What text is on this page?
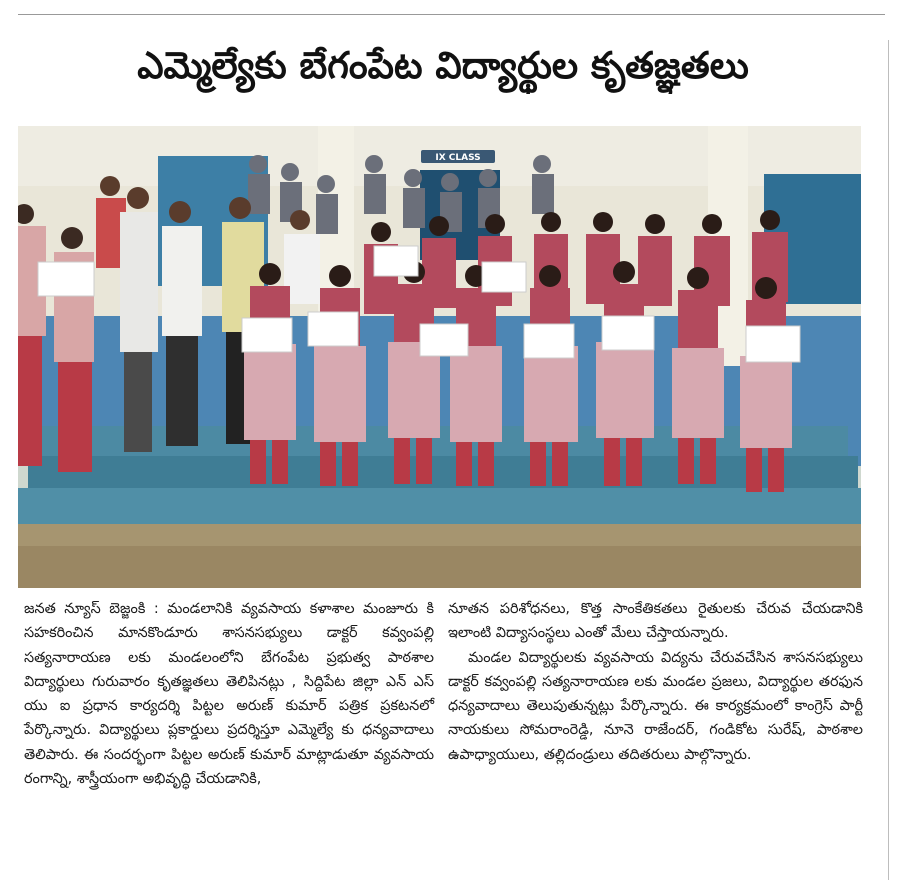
ఎమ్మెల్యేకు బేగంపేట విద్యార్థుల కృతజ్ఞతలు
IX CLASS

జనత న్యూస్ బెజ్జంకి : మండలానికి వ్యవసాయ కళాశాల మంజూరు కి సహకరించిన మానకొండూరు శాసనసభ్యులు డాక్టర్ కవ్వంపల్లి సత్యనారాయణ లకు మండలంలోని బేగంపేట ప్రభుత్వ పాఠశాల విద్యార్థులు గురువారం కృతజ్ఞతలు తెలిపినట్లు , సిద్దిపేట జిల్లా ఎన్ ఎస్ యు ఐ ప్రధాన కార్యదర్శి పిట్టల అరుణ్ కుమార్ పత్రిక ప్రకటనలో పేర్కొన్నారు. విద్యార్థులు ప్లకార్డులు ప్రదర్శిస్తూ ఎమ్మెల్యే కు ధన్యవాదాలు తెలిపారు. ఈ సందర్భంగా పిట్టల అరుణ్ కుమార్ మాట్లాడుతూ వ్యవసాయ రంగాన్ని, శాస్త్రీయంగా అభివృద్ధి చేయడానికి,

నూతన పరిశోధనలు, కొత్త సాంకేతికతలు రైతులకు చేరువ చేయడానికి ఇలాంటి విద్యాసంస్థలు ఎంతో మేలు చేస్తాయన్నారు.

మండల విద్యార్థులకు వ్యవసాయ విద్యను చేరువచేసిన శాసనసభ్యులు డాక్టర్ కవ్వంపల్లి సత్యనారాయణ లకు మండల ప్రజలు, విద్యార్థుల తరఫున ధన్యవాదాలు తెలుపుతున్నట్లు పేర్కొన్నారు. ఈ కార్యక్రమంలో కాంగ్రెస్ పార్టీ నాయకులు సోమరాంరెడ్డి, నూనె రాజేందర్, గండికోట సురేష్, పాఠశాల ఉపాధ్యాయులు, తల్లిదండ్రులు తదితరులు పాల్గొన్నారు.
